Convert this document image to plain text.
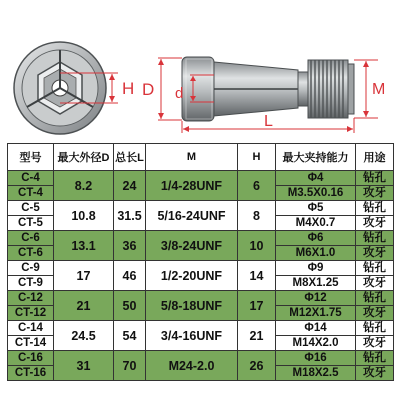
H D d
L
M
型号	最大外径D	总长L	M	H	最大夹持能力	用途
C-4	8.2	24	1/4-28UNF	6	Φ4	钻孔
CT-4					M3.5X0.16	攻牙
C-5	10.8	31.5	5/16-24UNF	8	Φ5	钻孔
CT-5					M4X0.7	攻牙
C-6	13.1	36	3/8-24UNF	10	Φ6	钻孔
CT-6					M6X1.0	攻牙
C-9	17	46	1/2-20UNF	14	Φ9	钻孔
CT-9					M8X1.25	攻牙
C-12	21	50	5/8-18UNF	17	Φ12	钻孔
CT-12					M12X1.75	攻牙
C-14	24.5	54	3/4-16UNF	21	Φ14	钻孔
CT-14					M14X2.0	攻牙
C-16	31	70	M24-2.0	26	Φ16	钻孔
CT-16					M18X2.5	攻牙
